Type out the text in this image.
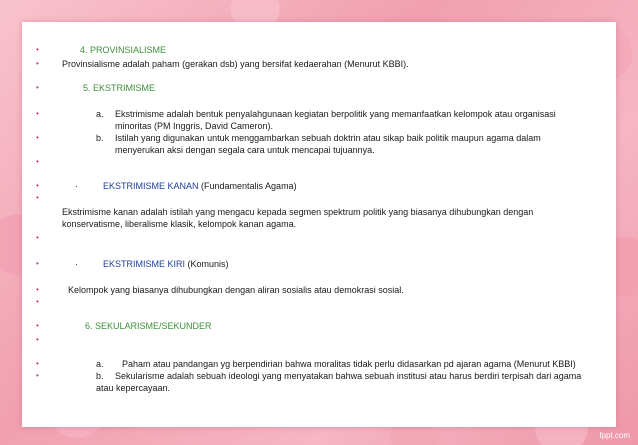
•	4. PROVINSIALISME
•	Provinsialisme adalah paham (gerakan dsb) yang bersifat kedaerahan (Menurut KBBI).
•	5. EKSTRIMISME
•	a. Ekstrimisme adalah bentuk penyalahgunaan kegiatan berpolitik yang memanfaatkan kelompok atau organisasi
minoritas (PM Inggris, David Cameron).
•	b. Istilah yang digunakan untuk menggambarkan sebuah doktrin atau sikap baik politik maupun agama dalam
menyerukan aksi dengan segala cara untuk mencapai tujuannya.
•
•	·	EKSTRIMISME KANAN (Fundamentalis Agama)
•
Ekstrimisme kanan adalah istilah yang mengacu kepada segmen spektrum politik yang biasanya dihubungkan dengan
konservatisme, liberalisme klasik, kelompok kanan agama.
•
•	·	EKSTRIMISME KIRI (Komunis)
•	Kelompok yang biasanya dihubungkan dengan aliran sosialis atau demokrasi sosial.
•
•	6. SEKULARISME/SEKUNDER
•
•	a. Paham atau pandangan yg berpendirian bahwa moralitas tidak perlu didasarkan pd ajaran agama (Menurut KBBI)
•	b. Sekularisme adalah sebuah ideologi yang menyatakan bahwa sebuah institusi atau harus berdiri terpisah dari agama
atau kepercayaan.
fppt.com
